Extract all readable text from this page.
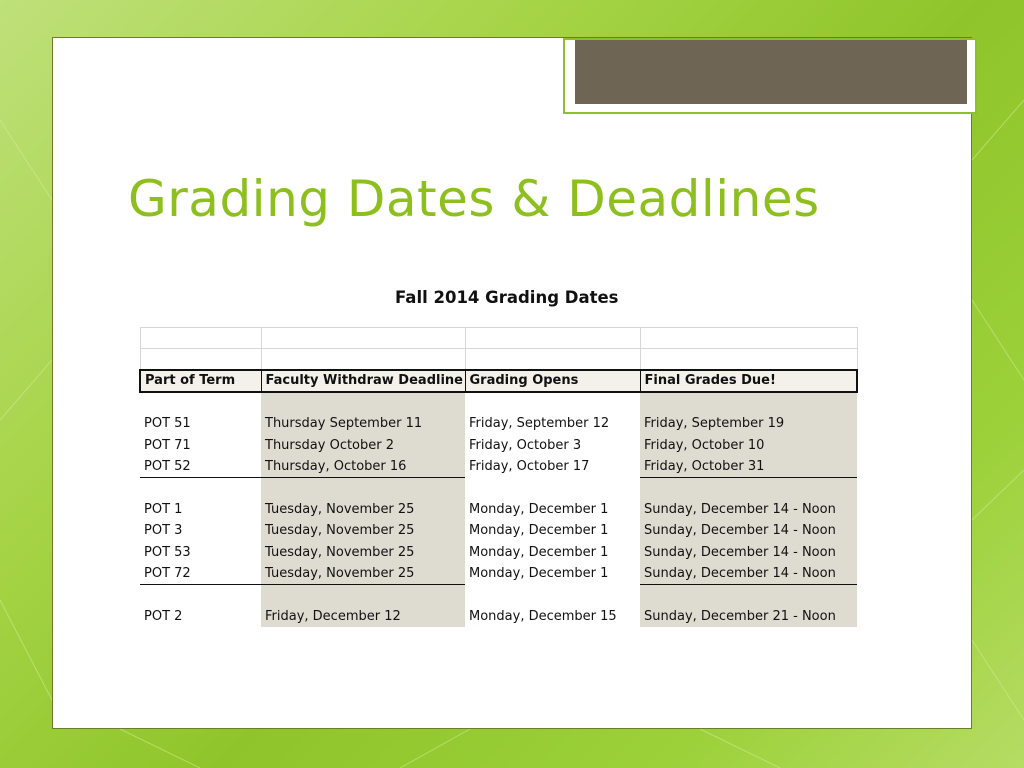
Grading Dates & Deadlines
Fall 2014 Grading Dates

Part of Term	Faculty Withdraw Deadline	Grading Opens	Final Grades Due!

POT 51	Thursday September 11	Friday, September 12	Friday, September 19
POT 71	Thursday October 2	Friday, October 3	Friday, October 10
POT 52	Thursday, October 16	Friday, October 17	Friday, October 31

POT 1	Tuesday, November 25	Monday, December 1	Sunday, December 14 - Noon
POT 3	Tuesday, November 25	Monday, December 1	Sunday, December 14 - Noon
POT 53	Tuesday, November 25	Monday, December 1	Sunday, December 14 - Noon
POT 72	Tuesday, November 25	Monday, December 1	Sunday, December 14 - Noon

POT 2	Friday, December 12	Monday, December 15	Sunday, December 21 - Noon
